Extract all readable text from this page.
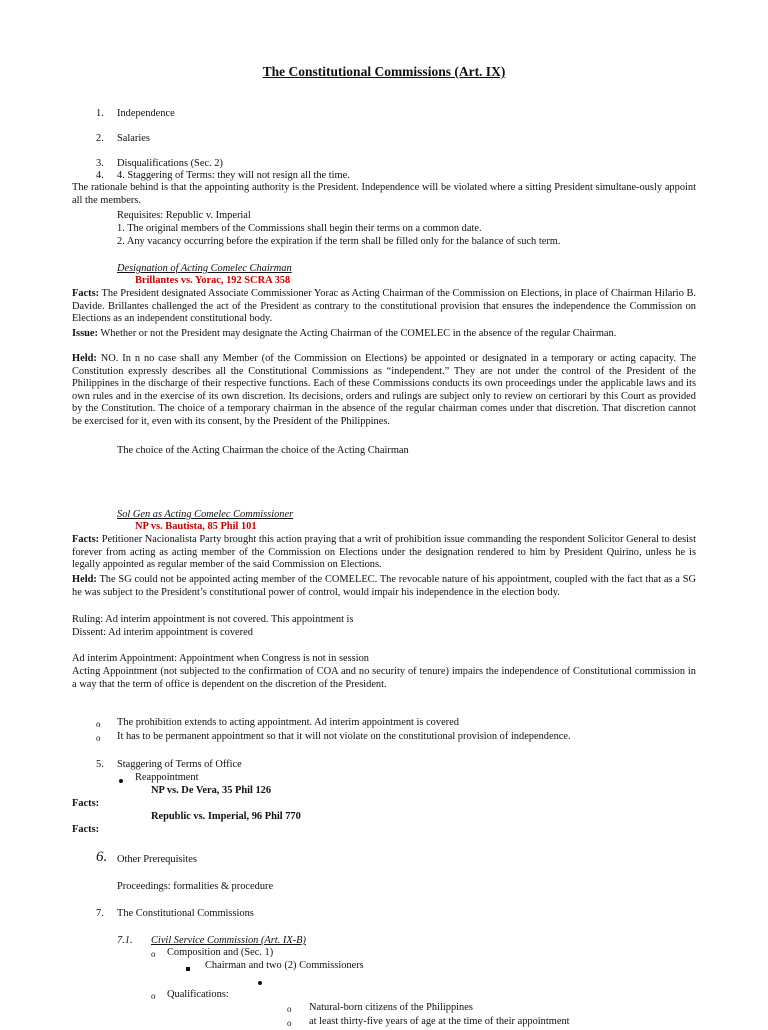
The Constitutional Commissions (Art. IX)
1. Independence
2. Salaries
3. Disqualifications (Sec. 2)
4. 4. Staggering of Terms: they will not resign all the time.
The rationale behind is that the appointing authority is the President. Independence will be violated where a sitting President simultane-ously appoint all the members.
Requisites: Republic v. Imperial
1. The original members of the Commissions shall begin their terms on a common date.
2. Any vacancy occurring before the expiration if the term shall be filled only for the balance of such term.
Designation of Acting Comelec Chairman
Brillantes vs. Yorac, 192 SCRA 358
Facts: The President designated Associate Commissioner Yorac as Acting Chairman of the Commission on Elections, in place of Chairman Hilario B. Davide. Brillantes challenged the act of the President as contrary to the constitutional provision that ensures the independence the Commission on Elections as an independent constitutional body.
Issue: Whether or not the President may designate the Acting Chairman of the COMELEC in the absence of the regular Chairman.
Held: NO. In n no case shall any Member (of the Commission on Elections) be appointed or designated in a temporary or acting capacity. The Constitution expressly describes all the Constitutional Commissions as “independent.” They are not under the control of the President of the Philippines in the discharge of their respective functions. Each of these Commissions conducts its own proceedings under the applicable laws and its own rules and in the exercise of its own discretion. Its decisions, orders and rulings are subject only to review on certiorari by this Court as provided by the Constitution. The choice of a temporary chairman in the absence of the regular chairman comes under that discretion. That discretion cannot be exercised for it, even with its consent, by the President of the Philippines.
The choice of the Acting Chairman the choice of the Acting Chairman
Sol Gen as Acting Comelec Commissioner
NP vs. Bautista, 85 Phil 101
Facts: Petitioner Nacionalista Party brought this action praying that a writ of prohibition issue commanding the respondent Solicitor General to desist forever from acting as acting member of the Commission on Elections under the designation rendered to him by President Quirino, unless he is legally appointed as regular member of the said Commission on Elections.
Held: The SG could not be appointed acting member of the COMELEC. The revocable nature of his appointment, coupled with the fact that as a SG he was subject to the President’s constitutional power of control, would impair his independence in the election body.
Ruling: Ad interim appointment is not covered. This appointment is
Dissent: Ad interim appointment is covered
Ad interim Appointment: Appointment when Congress is not in session
Acting Appointment (not subjected to the confirmation of COA and no security of tenure) impairs the independence of Constitutional commission in a way that the term of office is dependent on the discretion of the President.
o The prohibition extends to acting appointment. Ad interim appointment is covered
o It has to be permanent appointment so that it will not violate on the constitutional provision of independence.
5. Staggering of Terms of Office
Reappointment
NP vs. De Vera, 35 Phil 126
Facts:
Republic vs. Imperial, 96 Phil 770
Facts:
6. Other Prerequisites
Proceedings: formalities & procedure
7. The Constitutional Commissions
7.1. Civil Service Commission (Art. IX-B)
o Composition and (Sec. 1)
Chairman and two (2) Commissioners
o Qualifications:
o Natural-born citizens of the Philippines
o at least thirty-five years of age at the time of their appointment
